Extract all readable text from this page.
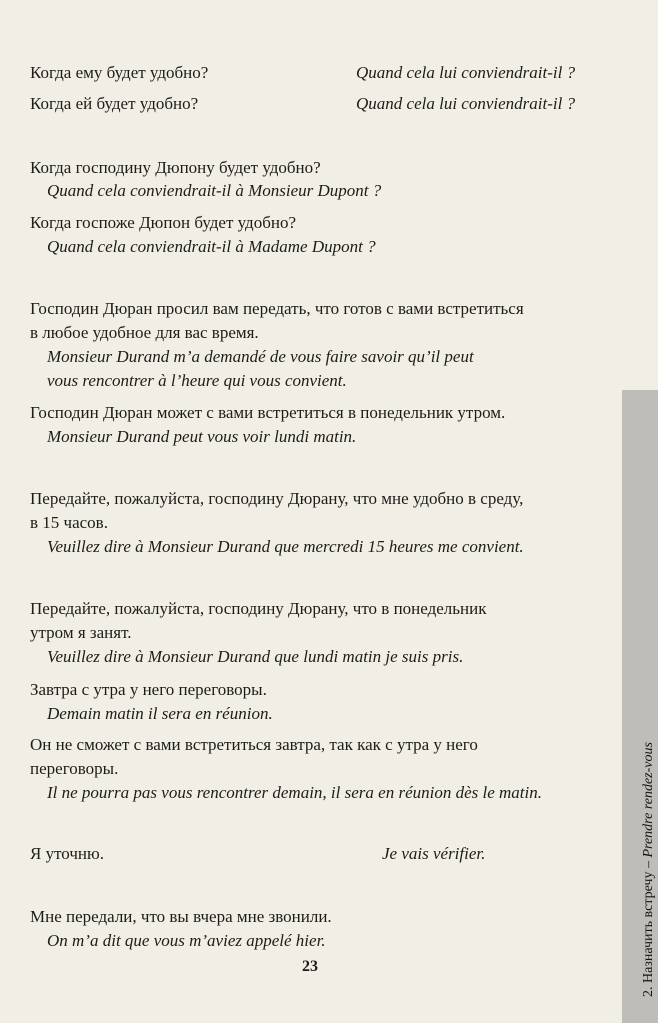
Когда ему будет удобно?	Quand cela lui conviendrait-il ?
Когда ей будет удобно?	Quand cela lui conviendrait-il ?
Когда господину Дюпону будет удобно?
Quand cela conviendrait-il à Monsieur Dupont ?
Когда госпоже Дюпон будет удобно?
Quand cela conviendrait-il à Madame Dupont ?
Господин Дюран просил вам передать, что готов с вами встретиться
в любое удобное для вас время.
Monsieur Durand m’a demandé de vous faire savoir qu’il peut
vous rencontrer à l’heure qui vous convient.
Господин Дюран может с вами встретиться в понедельник утром.
Monsieur Durand peut vous voir lundi matin.
Передайте, пожалуйста, господину Дюрану, что мне удобно в среду,
в 15 часов.
Veuillez dire à Monsieur Durand que mercredi 15 heures me convient.
Передайте, пожалуйста, господину Дюрану, что в понедельник
утром я занят.
Veuillez dire à Monsieur Durand que lundi matin je suis pris.
Завтра с утра у него переговоры.
Demain matin il sera en réunion.
Он не сможет с вами встретиться завтра, так как с утра у него
переговоры.
Il ne pourra pas vous rencontrer demain, il sera en réunion dès le matin.
Я уточню.	Je vais vérifier.
Мне передали, что вы вчера мне звонили.
On m’a dit que vous m’aviez appelé hier.
23	2. Назначить встречу – Prendre rendez-vous
